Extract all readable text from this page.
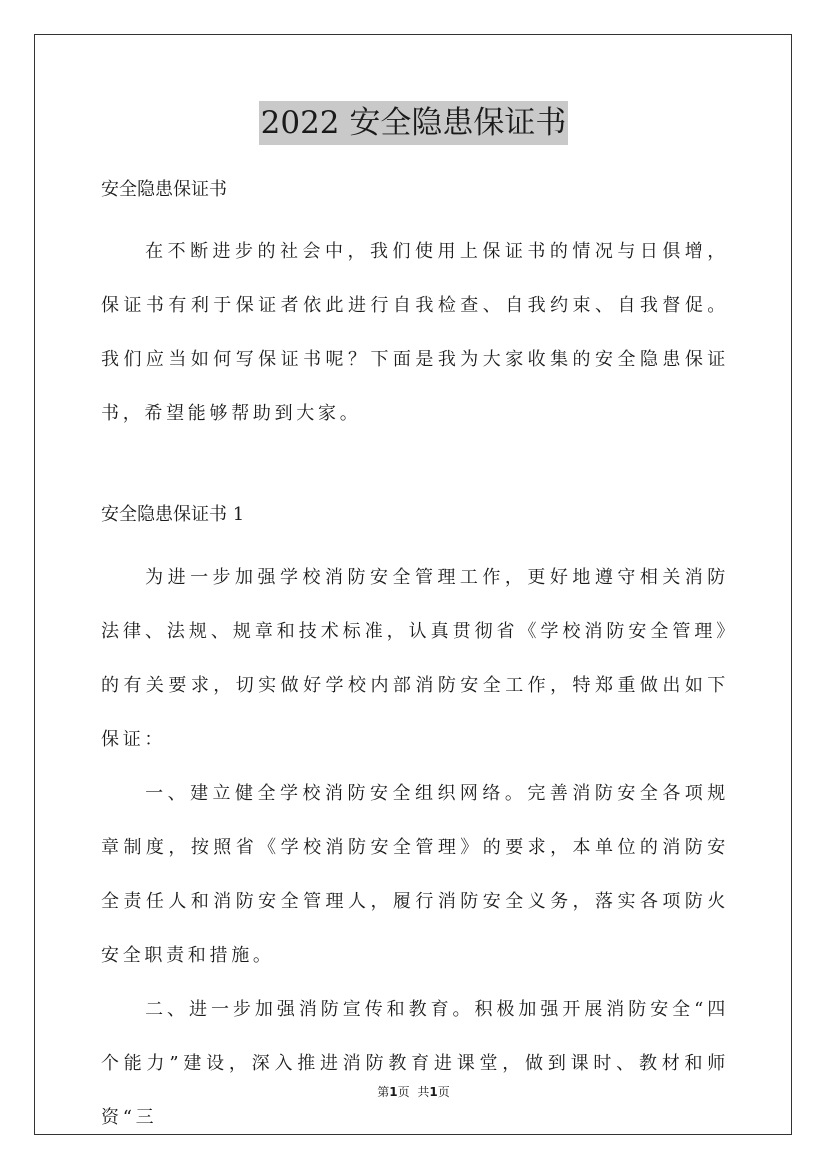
2022 安全隐患保证书

安全隐患保证书

在不断进步的社会中，我们使用上保证书的情况与日俱增，保证书有利于保证者依此进行自我检查、自我约束、自我督促。我们应当如何写保证书呢？下面是我为大家收集的安全隐患保证书，希望能够帮助到大家。

安全隐患保证书 1

为进一步加强学校消防安全管理工作，更好地遵守相关消防法律、法规、规章和技术标准，认真贯彻省《学校消防安全管理》的有关要求，切实做好学校内部消防安全工作，特郑重做出如下保证：

一、建立健全学校消防安全组织网络。完善消防安全各项规章制度，按照省《学校消防安全管理》的要求，本单位的消防安全责任人和消防安全管理人，履行消防安全义务，落实各项防火安全职责和措施。

二、进一步加强消防宣传和教育。积极加强开展消防安全“四个能力”建设，深入推进消防教育进课堂，做到课时、教材和师资“三

第1页 共1页
